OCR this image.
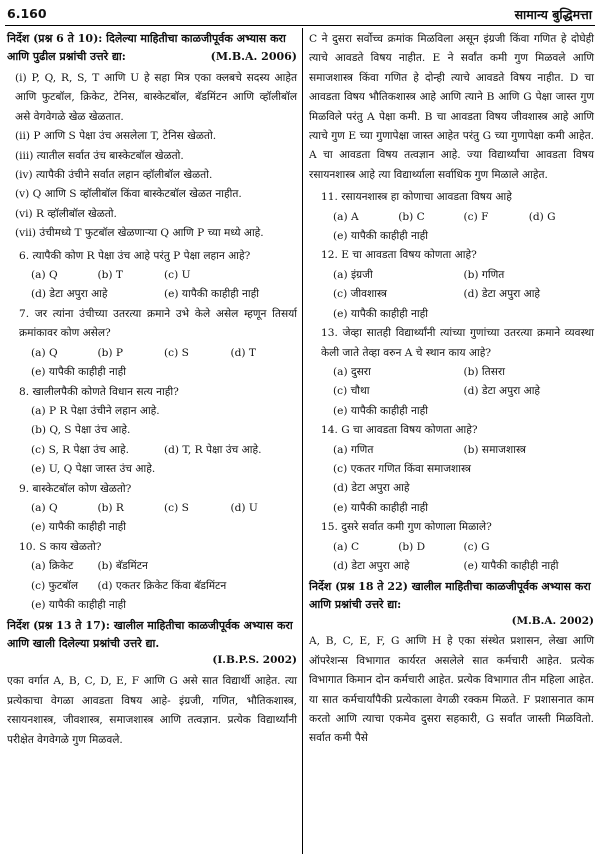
6.160	सामान्य बुद्धिमत्ता

निर्देश (प्रश्न 6 ते 10): दिलेल्या माहितीचा काळजीपूर्वक अभ्यास करा आणि पुढील प्रश्नांची उत्तरे द्या:	(M.B.A. 2006)

(i) P, Q, R, S, T आणि U हे सहा मित्र एका क्लबचे सदस्य आहेत आणि फुटबॉल, क्रिकेट, टेनिस, बास्केटबॉल, बॅडमिंटन आणि व्हॉलीबॉल असे वेगवेगळे खेळ खेळतात.

(ii) P आणि S पेक्षा उंच असलेला T, टेनिस खेळतो.

(iii) त्यातील सर्वात उंच बास्केटबॉल खेळतो.

(iv) त्यापैकी उंचीने सर्वात लहान व्हॉलीबॉल खेळतो.

(v) Q आणि S व्हॉलीबॉल किंवा बास्केटबॉल खेळत नाहीत.

(vi) R व्हॉलीबॉल खेळतो.

(vii) उंचीमध्ये T फुटबॉल खेळणाऱ्या Q आणि P च्या मध्ये आहे.

6. त्यापैकी कोण R पेक्षा उंच आहे परंतु P पेक्षा लहान आहे?

(a) Q	(b) T	(c) U
(d) डेटा अपुरा आहे	(e) यापैकी काहीही नाही

7. जर त्यांना उंचीच्या उतरत्या क्रमाने उभे केले असेल म्हणून तिसर्या क्रमांकावर कोण असेल?

(a) Q	(b) P	(c) S	(d) T

(e) यापैकी काहीही नाही

8. खालीलपैकी कोणते विधान सत्य नाही?

(a) P R पेक्षा उंचीने लहान आहे.

(b) Q, S पेक्षा उंच आहे.

(c) S, R पेक्षा उंच आहे.	(d) T, R पेक्षा उंच आहे.

(e) U, Q पेक्षा जास्त उंच आहे.

9. बास्केटबॉल कोण खेळतो?

(a) Q	(b) R	(c) S	(d) U

(e) यापैकी काहीही नाही

10. S काय खेळतो?

(a) क्रिकेट	(b) बॅडमिंटन
(c) फुटबॉल	(d) एकतर क्रिकेट किंवा बॅडमिंटन

(e) यापैकी काहीही नाही

निर्देश (प्रश्न 13 ते 17): खालील माहितीचा काळजीपूर्वक अभ्यास करा आणि खाली दिलेल्या प्रश्नांची उत्तरे द्या.

(I.B.P.S. 2002)

एका वर्गात A, B, C, D, E, F आणि G असे सात विद्यार्थी आहेत. त्या प्रत्येकाचा वेगळा आवडता विषय आहे- इंग्रजी, गणित, भौतिकशास्त्र, रसायनशास्त्र, जीवशास्त्र, समाजशास्त्र आणि तत्वज्ञान. प्रत्येक विद्यार्थ्यांनी परीक्षेत वेगवेगळे गुण मिळवले.

C ने दुसरा सर्वोच्च क्रमांक मिळविला असून इंग्रजी किंवा गणित हे दोघेही त्याचे आवडते विषय नाहीत. E ने सर्वांत कमी गुण मिळवले आणि समाजशास्त्र किंवा गणित हे दोन्ही त्याचे आवडते विषय नाहीत. D चा आवडता विषय भौतिकशास्त्र आहे आणि त्याने B आणि G पेक्षा जास्त गुण मिळविले परंतु A पेक्षा कमी. B चा आवडता विषय जीवशास्त्र आहे आणि त्याचे गुण E च्या गुणापेक्षा जास्त आहेत परंतु G च्या गुणापेक्षा कमी आहेत. A चा आवडता विषय तत्वज्ञान आहे. ज्या विद्यार्थ्यांचा आवडता विषय रसायनशास्त्र आहे त्या विद्यार्थ्याला सर्वाधिक गुण मिळाले आहेत.

11. रसायनशास्त्र हा कोणाचा आवडता विषय आहे

(a) A	(b) C	(c) F	(d) G

(e) यापैकी काहीही नाही

12. E चा आवडता विषय कोणता आहे?

(a) इंग्रजी	(b) गणित
(c) जीवशास्त्र	(d) डेटा अपुरा आहे

(e) यापैकी काहीही नाही

13. जेव्हा सातही विद्यार्थ्यांनी त्यांच्या गुणांच्या उतरत्या क्रमाने व्यवस्था केली जाते तेव्हा वरुन A चे स्थान काय आहे?

(a) दुसरा	(b) तिसरा
(c) चौथा	(d) डेटा अपुरा आहे

(e) यापैकी काहीही नाही

14. G चा आवडता विषय कोणता आहे?

(a) गणित	(b) समाजशास्त्र

(c) एकतर गणित किंवा समाजशास्त्र

(d) डेटा अपुरा आहे

(e) यापैकी काहीही नाही

15. दुसरे सर्वात कमी गुण कोणाला मिळाले?

(a) C	(b) D	(c) G
(d) डेटा अपुरा आहे	(e) यापैकी काहीही नाही

निर्देश (प्रश्न 18 ते 22) खालील माहितीचा काळजीपूर्वक अभ्यास करा आणि प्रश्नांची उत्तरे द्या:

(M.B.A. 2002)

A, B, C, E, F, G आणि H हे एका संस्थेत प्रशासन, लेखा आणि ऑपरेशन्स विभागात कार्यरत असलेले सात कर्मचारी आहेत. प्रत्येक विभागात किमान दोन कर्मचारी आहेत. प्रत्येक विभागात तीन महिला आहेत. या सात कर्मचार्यांपैकी प्रत्येकाला वेगळी रक्कम मिळते. F प्रशासनात काम करतो आणि त्याचा एकमेव दुसरा सहकारी, G सर्वांत जास्ती मिळवितो. सर्वात कमी पैसे
